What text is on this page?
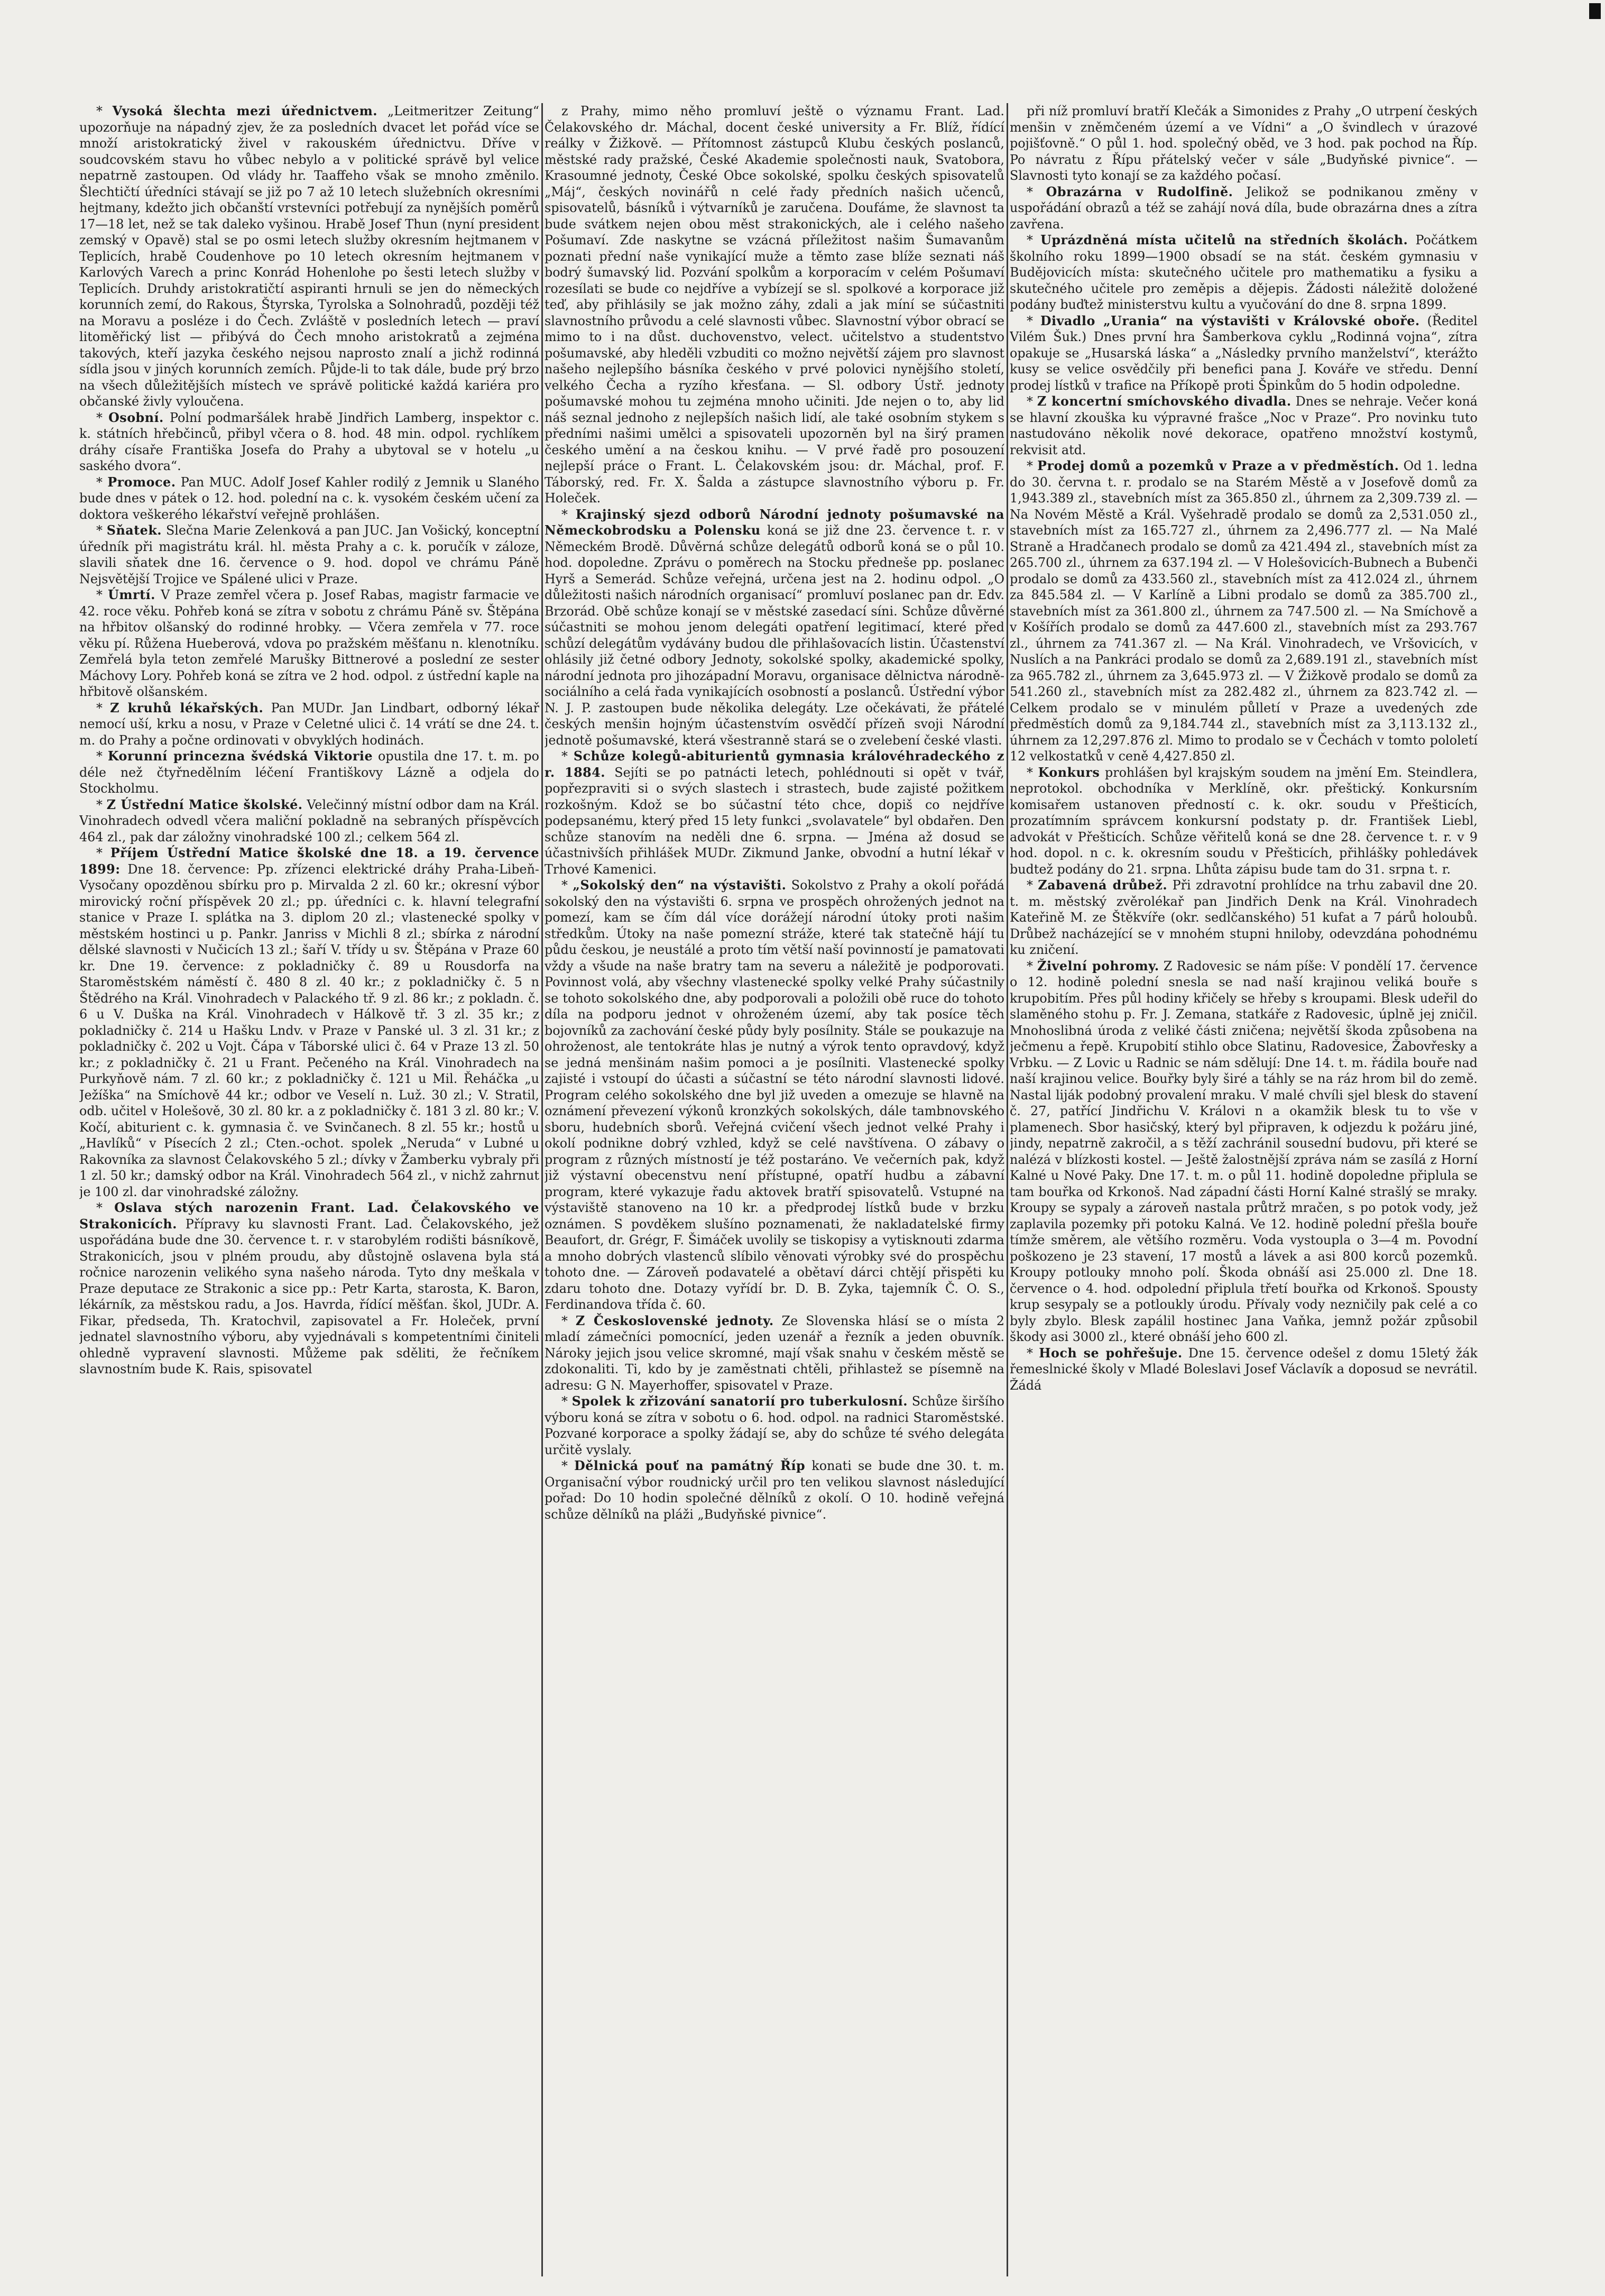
* Vysoká šlechta mezi úřednictvem. „Leitmeritzer Zeitung“ upozorňuje na nápadný zjev, že za posledních dvacet let pořád více se množí aristokratický živel v rakouském úřednictvu. Dříve v soudcovském stavu ho vůbec nebylo a v politické správě byl velice nepatrně zastoupen. Od vlády hr. Taaffeho však se mnoho změnilo. Šlechtičtí úředníci stávají se již po 7 až 10 letech služebních okresními hejtmany, kdežto jich občanští vrstevníci potřebují za nynějších poměrů 17—18 let, než se tak daleko vyšinou. Hrabě Josef Thun (nyní president zemský v Opavě) stal se po osmi letech služby okresním hejtmanem v Teplicích, hrabě Coudenhove po 10 letech okresním hejtmanem v Karlových Varech a princ Konrád Hohenlohe po šesti letech služby v Teplicích. Druhdy aristokratičtí aspiranti hrnuli se jen do německých korunních zemí, do Rakous, Štyrska, Tyrolska a Solnohradů, později též na Moravu a posléze i do Čech. Zvláště v posledních letech — praví litoměřický list — přibývá do Čech mnoho aristokratů a zejména takových, kteří jazyka českého nejsou naprosto znalí a jichž rodinná sídla jsou v jiných korunních zemích. Půjde-li to tak dále, bude prý brzo na všech důležitějších místech ve správě politické každá kariéra pro občanské živly vyloučena.

* Osobní. Polní podmaršálek hrabě Jindřich Lamberg, inspektor c. k. státních hřebčinců, přibyl včera o 8. hod. 48 min. odpol. rychlíkem dráhy císaře Františka Josefa do Prahy a ubytoval se v hotelu „u saského dvora“.

* Promoce. Pan MUC. Adolf Josef Kahler rodilý z Jemnik u Slaného bude dnes v pátek o 12. hod. polední na c. k. vysokém českém učení za doktora veškerého lékařství veřejně prohlášen.

* Sňatek. Slečna Marie Zelenková a pan JUC. Jan Vošický, konceptní úředník při magistrátu král. hl. města Prahy a c. k. poručík v záloze, slavili sňatek dne 16. července o 9. hod. dopol ve chrámu Páně Nejsvětější Trojice ve Spálené ulici v Praze.

* Úmrtí. V Praze zemřel včera p. Josef Rabas, magistr farmacie ve 42. roce věku. Pohřeb koná se zítra v sobotu z chrámu Páně sv. Štěpána na hřbitov olšanský do rodinné hrobky. — Včera zemřela v 77. roce věku pí. Růžena Hueberová, vdova po pražském měšťanu n. klenotníku. Zemřelá byla teton zemřelé Marušky Bittnerové a poslední ze sester Máchovy Lory. Pohřeb koná se zítra ve 2 hod. odpol. z ústřední kaple na hřbitově olšanském.

* Z kruhů lékařských. Pan MUDr. Jan Lindbart, odborný lékař nemocí uší, krku a nosu, v Praze v Celetné ulici č. 14 vrátí se dne 24. t. m. do Prahy a počne ordinovati v obvyklých hodinách.

* Korunní princezna švédská Viktorie opustila dne 17. t. m. po déle než čtyřnedělním léčení Františkovy Lázně a odjela do Stockholmu.

* Z Ústřední Matice školské. Velečinný místní odbor dam na Král. Vinohradech odvedl včera maliční pokladně na sebraných příspěvcích 464 zl., pak dar záložny vinohradské 100 zl.; celkem 564 zl.

* Příjem Ústřední Matice školské dne 18. a 19. července 1899: Dne 18. července: Pp. zřízenci elektrické dráhy Praha-Libeň-Vysočany opozděnou sbírku pro p. Mirvalda 2 zl. 60 kr.; okresní výbor mirovický roční příspěvek 20 zl.; pp. úředníci c. k. hlavní telegrafní stanice v Praze I. splátka na 3. diplom 20 zl.; vlastenecké spolky v městském hostinci u p. Pankr. Janriss v Michli 8 zl.; sbírka z národní dělské slavnosti v Nučicích 13 zl.; šaří V. třídy u sv. Štěpána v Praze 60 kr. Dne 19. července: z pokladničky č. 89 u Rousdorfa na Staroměstském náměstí č. 480 8 zl. 40 kr.; z pokladničky č. 5 n Štědrého na Král. Vinohradech v Palackého tř. 9 zl. 86 kr.; z pokladn. č. 6 u V. Duška na Král. Vinohradech v Hálkově tř. 3 zl. 35 kr.; z pokladničky č. 214 u Hašku Lndv. v Praze v Panské ul. 3 zl. 31 kr.; z pokladničky č. 202 u Vojt. Čápa v Táborské ulici č. 64 v Praze 13 zl. 50 kr.; z pokladničky č. 21 u Frant. Pečeného na Král. Vinohradech na Purkyňově nám. 7 zl. 60 kr.; z pokladničky č. 121 u Mil. Řeháčka „u Ježíška“ na Smíchově 44 kr.; odbor ve Veselí n. Luž. 30 zl.; V. Stratil, odb. učitel v Holešově, 30 zl. 80 kr. a z pokladničky č. 181 3 zl. 80 kr.; V. Kočí, abiturient c. k. gymnasia č. ve Svinčanech. 8 zl. 55 kr.; hostů u „Havlíků“ v Písecích 2 zl.; Cten.-ochot. spolek „Neruda“ v Lubné u Rakovníka za slavnost Čelakovského 5 zl.; dívky v Žamberku vybraly při 1 zl. 50 kr.; damský odbor na Král. Vinohradech 564 zl., v nichž zahrnut je 100 zl. dar vinohradské záložny.

* Oslava stých narozenin Frant. Lad. Čelakovského ve Strakonicích. Přípravy ku slavnosti Frant. Lad. Čelakovského, jež uspořádána bude dne 30. července t. r. v starobylém rodišti básníkově, Strakonicích, jsou v plném proudu, aby důstojně oslavena byla stá ročnice narozenin velikého syna našeho národa. Tyto dny meškala v Praze deputace ze Strakonic a sice pp.: Petr Karta, starosta, K. Baron, lékárník, za městskou radu, a Jos. Havrda, řídící měšťan. škol, JUDr. A. Fikar, předseda, Th. Kratochvil, zapisovatel a Fr. Holeček, první jednatel slavnostního výboru, aby vyjednávali s kompetentními činiteli ohledně vypravení slavnosti. Můžeme pak sděliti, že řečníkem slavnostním bude K. Rais, spisovatel

z Prahy, mimo něho promluví ještě o významu Frant. Lad. Čelakovského dr. Máchal, docent české university a Fr. Blíž, řídící reálky v Žižkově. — Přítomnost zástupců Klubu českých poslanců, městské rady pražské, České Akademie společnosti nauk, Svatobora, Krasoumné jednoty, České Obce sokolské, spolku českých spisovatelů „Máj“, českých novinářů n celé řady předních našich učenců, spisovatelů, básníků i výtvarníků je zaručena. Doufáme, že slavnost ta bude svátkem nejen obou měst strakonických, ale i celého našeho Pošumaví. Zde naskytne se vzácná příležitost našim Šumavanům poznati přední naše vynikající muže a těmto zase blíže seznati náš bodrý šumavský lid. Pozvání spolkům a korporacím v celém Pošumaví rozesílati se bude co nejdříve a vybízejí se sl. spolkové a korporace již teď, aby přihlásily se jak možno záhy, zdali a jak míní se súčastniti slavnostního průvodu a celé slavnosti vůbec. Slavnostní výbor obrací se mimo to i na důst. duchovenstvo, velect. učitelstvo a studentstvo pošumavské, aby hleděli vzbuditi co možno největší zájem pro slavnost našeho nejlepšího básníka českého v prvé polovici nynějšího století, velkého Čecha a ryzího křesťana. — Sl. odbory Ústř. jednoty pošumavské mohou tu zejména mnoho učiniti. Jde nejen o to, aby lid náš seznal jednoho z nejlepších našich lidí, ale také osobním stykem s předními našimi umělci a spisovateli upozorněn byl na širý pramen českého umění a na českou knihu. — V prvé řadě pro posouzení nejlepší práce o Frant. L. Čelakovském jsou: dr. Máchal, prof. F. Táborský, red. Fr. X. Šalda a zástupce slavnostního výboru p. Fr. Holeček.

* Krajinský sjezd odborů Národní jednoty pošumavské na Německobrodsku a Polensku koná se již dne 23. července t. r. v Německém Brodě. Důvěrná schůze delegátů odborů koná se o půl 10. hod. dopoledne. Zprávu o poměrech na Stocku předneše pp. poslanec Hyrš a Semerád. Schůze veřejná, určena jest na 2. hodinu odpol. „O důležitosti našich národních organisací“ promluví poslanec pan dr. Edv. Brzorád. Obě schůze konají se v městské zasedací síni. Schůze důvěrné súčastniti se mohou jenom delegáti opatření legitimací, které před schůzí delegátům vydávány budou dle přihlašovacích listin. Účastenství ohlásily již četné odbory Jednoty, sokolské spolky, akademické spolky, národní jednota pro jihozápadní Moravu, organisace dělnictva národně-sociálního a celá řada vynikajících osobností a poslanců. Ústřední výbor N. J. P. zastoupen bude několika delegáty. Lze očekávati, že přátelé českých menšin hojným účastenstvím osvědčí přízeň svoji Národní jednotě pošumavské, která všestranně stará se o zvelebení české vlasti.

* Schůze kolegů-abiturientů gymnasia královéhradeckého z r. 1884. Sejíti se po patnácti letech, pohlédnouti si opět v tvář, popřezpraviti si o svých slastech i strastech, bude zajisté požitkem rozkošným. Kdož se bo súčastní této chce, dopiš co nejdříve podepsanému, který před 15 lety funkci „svolavatele“ byl obdařen. Den schůze stanovím na neděli dne 6. srpna. — Jména až dosud se účastnivších přihlášek MUDr. Zikmund Janke, obvodní a hutní lékař v Trhové Kamenici.

* „Sokolský den“ na výstavišti. Sokolstvo z Prahy a okolí pořádá sokolský den na výstavišti 6. srpna ve prospěch ohrožených jednot na pomezí, kam se čím dál více dorážejí národní útoky proti našim středkům. Útoky na naše pomezní stráže, které tak statečně hájí tu půdu českou, je neustálé a proto tím větší naší povinností je pamatovati vždy a všude na naše bratry tam na severu a náležitě je podporovati. Povinnost volá, aby všechny vlastenecké spolky velké Prahy súčastnily se tohoto sokolského dne, aby podporovali a položili obě ruce do tohoto díla na podporu jednot v ohroženém území, aby tak posíce těch bojovníků za zachování české půdy byly posílnity. Stále se poukazuje na ohroženost, ale tentokráte hlas je nutný a výrok tento opravdový, když se jedná menšinám našim pomoci a je posílniti. Vlastenecké spolky zajisté i vstoupí do účasti a súčastní se této národní slavnosti lidové. Program celého sokolského dne byl již uveden a omezuje se hlavně na oznámení převezení výkonů kronzkých sokolských, dále tambnovského sboru, hudebních sborů. Veřejná cvičení všech jednot velké Prahy i okolí podnikne dobrý vzhled, když se celé navštívena. O zábavy o program z různých místností je též postaráno. Ve večerních pak, když již výstavní obecenstvu není přístupné, opatří hudbu a zábavní program, které vykazuje řadu aktovek bratří spisovatelů. Vstupné na výstaviště stanoveno na 10 kr. a předprodej lístků bude v brzku oznámen. S povděkem slušíno poznamenati, že nakladatelské firmy Beaufort, dr. Grégr, F. Šimáček uvolily se tiskopisy a vytisknouti zdarma a mnoho dobrých vlastenců slíbilo věnovati výrobky své do prospěchu tohoto dne. — Zároveň podavatelé a obětaví dárci chtějí přispěti ku zdaru tohoto dne. Dotazy vyřídí br. D. B. Zyka, tajemník Č. O. S., Ferdinandova třída č. 60.

* Z Československé jednoty. Ze Slovenska hlásí se o místa 2 mladí zámečníci pomocnící, jeden uzenář a řezník a jeden obuvník. Nároky jejich jsou velice skromné, mají však snahu v českém městě se zdokonaliti. Ti, kdo by je zaměstnati chtěli, přihlastež se písemně na adresu: G N. Mayerhoffer, spisovatel v Praze.

* Spolek k zřizování sanatorií pro tuberkulosní. Schůze širšího výboru koná se zítra v sobotu o 6. hod. odpol. na radnici Staroměstské. Pozvané korporace a spolky žádají se, aby do schůze té svého delegáta určitě vyslaly.

* Dělnická pouť na památný Říp konati se bude dne 30. t. m. Organisační výbor roudnický určil pro ten velikou slavnost následující pořad: Do 10 hodin společné dělníků z okolí. O 10. hodině veřejná schůze dělníků na pláži „Budyňské pivnice“.

při níž promluví bratří Klečák a Simonides z Prahy „O utrpení českých menšin v zněmčeném území a ve Vídni“ a „O švindlech v úrazové pojišťovně.“ O půl 1. hod. společný oběd, ve 3 hod. pak pochod na Říp. Po návratu z Řípu přátelský večer v sále „Budyňské pivnice“. — Slavnosti tyto konají se za každého počasí.

* Obrazárna v Rudolfině. Jelikož se podnikanou změny v uspořádání obrazů a též se zahájí nová díla, bude obrazárna dnes a zítra zavřena.

* Uprázdněná místa učitelů na středních školách. Počátkem školního roku 1899—1900 obsadí se na stát. českém gymnasiu v Budějovicích místa: skutečného učitele pro mathematiku a fysiku a skutečného učitele pro zeměpis a dějepis. Žádosti náležitě doložené podány buďtež ministerstvu kultu a vyučování do dne 8. srpna 1899.

* Divadlo „Urania“ na výstavišti v Královské oboře. (Ředitel Vilém Šuk.) Dnes první hra Šamberkova cyklu „Rodinná vojna“, zítra opakuje se „Husarská láska“ a „Následky prvního manželství“, kterážto kusy se velice osvědčily při benefici pana J. Kováře ve středu. Denní prodej lístků v trafice na Příkopě proti Špinkům do 5 hodin odpoledne.

* Z koncertní smíchovského divadla. Dnes se nehraje. Večer koná se hlavní zkouška ku výpravné frašce „Noc v Praze“. Pro novinku tuto nastudováno několik nové dekorace, opatřeno množství kostymů, rekvisit atd.

* Prodej domů a pozemků v Praze a v předměstích. Od 1. ledna do 30. června t. r. prodalo se na Starém Městě a v Josefově domů za 1,943.389 zl., stavebních míst za 365.850 zl., úhrnem za 2,309.739 zl. — Na Novém Městě a Král. Vyšehradě prodalo se domů za 2,531.050 zl., stavebních míst za 165.727 zl., úhrnem za 2,496.777 zl. — Na Malé Straně a Hradčanech prodalo se domů za 421.494 zl., stavebních míst za 265.700 zl., úhrnem za 637.194 zl. — V Holešovicích-Bubnech a Bubenči prodalo se domů za 433.560 zl., stavebních míst za 412.024 zl., úhrnem za 845.584 zl. — V Karlíně a Libni prodalo se domů za 385.700 zl., stavebních míst za 361.800 zl., úhrnem za 747.500 zl. — Na Smíchově a v Košířích prodalo se domů za 447.600 zl., stavebních míst za 293.767 zl., úhrnem za 741.367 zl. — Na Král. Vinohradech, ve Vršovicích, v Nuslích a na Pankráci prodalo se domů za 2,689.191 zl., stavebních míst za 965.782 zl., úhrnem za 3,645.973 zl. — V Žižkově prodalo se domů za 541.260 zl., stavebních míst za 282.482 zl., úhrnem za 823.742 zl. — Celkem prodalo se v minulém půlletí v Praze a uvedených zde předměstích domů za 9,184.744 zl., stavebních míst za 3,113.132 zl., úhrnem za 12,297.876 zl. Mimo to prodalo se v Čechách v tomto pololetí 12 velkostatků v ceně 4,427.850 zl.

* Konkurs prohlášen byl krajským soudem na jmění Em. Steindlera, neprotokol. obchodníka v Merklíně, okr. přeštický. Konkursním komisařem ustanoven předností c. k. okr. soudu v Přešticích, prozatímním správcem konkursní podstaty p. dr. František Liebl, advokát v Přešticích. Schůze věřitelů koná se dne 28. července t. r. v 9 hod. dopol. n c. k. okresním soudu v Přešticích, přihlášky pohledávek budtež podány do 21. srpna. Lhůta zápisu bude tam do 31. srpna t. r.

* Zabavená drůbež. Při zdravotní prohlídce na trhu zabavil dne 20. t. m. městský zvěrolékař pan Jindřich Denk na Král. Vinohradech Kateřině M. ze Štěkvíře (okr. sedlčanského) 51 kufat a 7 párů holoubů. Drůbež nacházející se v mnohém stupni hniloby, odevzdána pohodnému ku zničení.

* Živelní pohromy. Z Radovesic se nám píše: V pondělí 17. července o 12. hodině polední snesla se nad naší krajinou veliká bouře s krupobitím. Přes půl hodiny křičely se hřeby s kroupami. Blesk udeřil do slaměného stohu p. Fr. J. Zemana, statkáře z Radovesic, úplně jej zničil. Mnohoslibná úroda z veliké části zničena; největší škoda způsobena na ječmenu a řepě. Krupobití stihlo obce Slatinu, Radovesice, Žabovřesky a Vrbku. — Z Lovic u Radnic se nám sdělují: Dne 14. t. m. řádila bouře nad naší krajinou velice. Bouřky byly širé a táhly se na ráz hrom bil do země. Nastal liják podobný provalení mraku. V malé chvíli sjel blesk do stavení č. 27, patřící Jindřichu V. Královi n a okamžik blesk tu to vše v plamenech. Sbor hasičský, který byl připraven, k odjezdu k požáru jiné, jindy, nepatrně zakročil, a s těží zachránil sousední budovu, při které se nalézá v blízkosti kostel. — Ještě žalostnější zpráva nám se zasílá z Horní Kalné u Nové Paky. Dne 17. t. m. o půl 11. hodině dopoledne připlula se tam bouřka od Krkonoš. Nad západní části Horní Kalné strašlý se mraky. Kroupy se sypaly a zároveň nastala průtrž mračen, s po potok vody, jež zaplavila pozemky při potoku Kalná. Ve 12. hodině polední přešla bouře tímže směrem, ale většího rozměru. Voda vystoupla o 3—4 m. Povodní poškozeno je 23 stavení, 17 mostů a lávek a asi 800 korců pozemků. Kroupy potlouky mnoho polí. Škoda obnáší asi 25.000 zl. Dne 18. července o 4. hod. odpolední připlula třetí bouřka od Krkonoš. Spousty krup sesypaly se a potloukly úrodu. Přívaly vody nezničily pak celé a co byly zbylo. Blesk zapálil hostinec Jana Vaňka, jemnž požár způsobil škody asi 3000 zl., které obnáší jeho 600 zl.

* Hoch se pohřešuje. Dne 15. července odešel z domu 15letý žák řemeslnické školy v Mladé Boleslavi Josef Václavík a doposud se nevrátil. Žádá
